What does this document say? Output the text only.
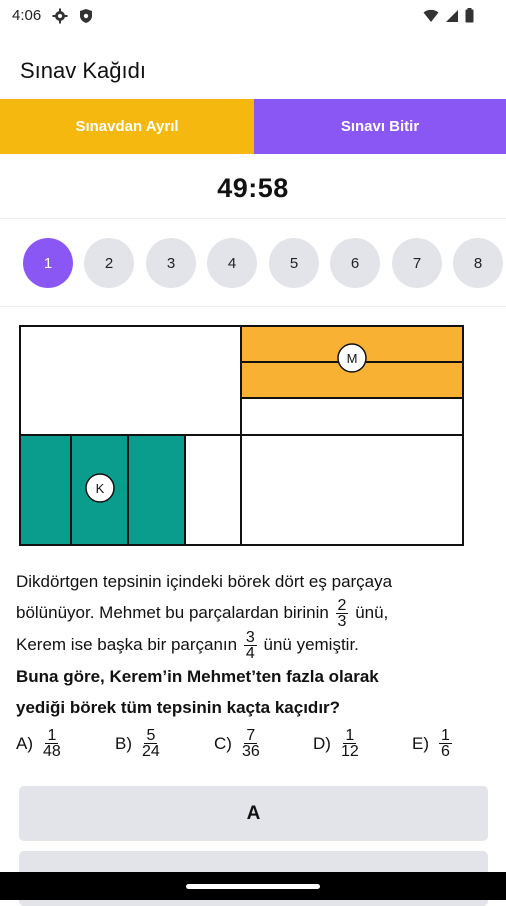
4:06
Sınav Kağıdı
Sınavdan Ayrıl	Sınavı Bitir
49:58
1	2	3	4	5	6	7	8
M
K
Dikdörtgen tepsinin içindeki börek dört eş parçaya
bölünüyor. Mehmet bu parçalardan birinin $\frac{2}{3}$ ünü,
Kerem ise başka bir parçanın $\frac{3}{4}$ ünü yemiştir.
Buna göre, Kerem’in Mehmet’ten fazla olarak
yediği börek tüm tepsinin kaçta kaçıdır?
$A) \frac{1}{48}$	$B) \frac{5}{24}$	$C) \frac{7}{36}$	$D) \frac{1}{12}$	$E) \frac{1}{6}$
A
